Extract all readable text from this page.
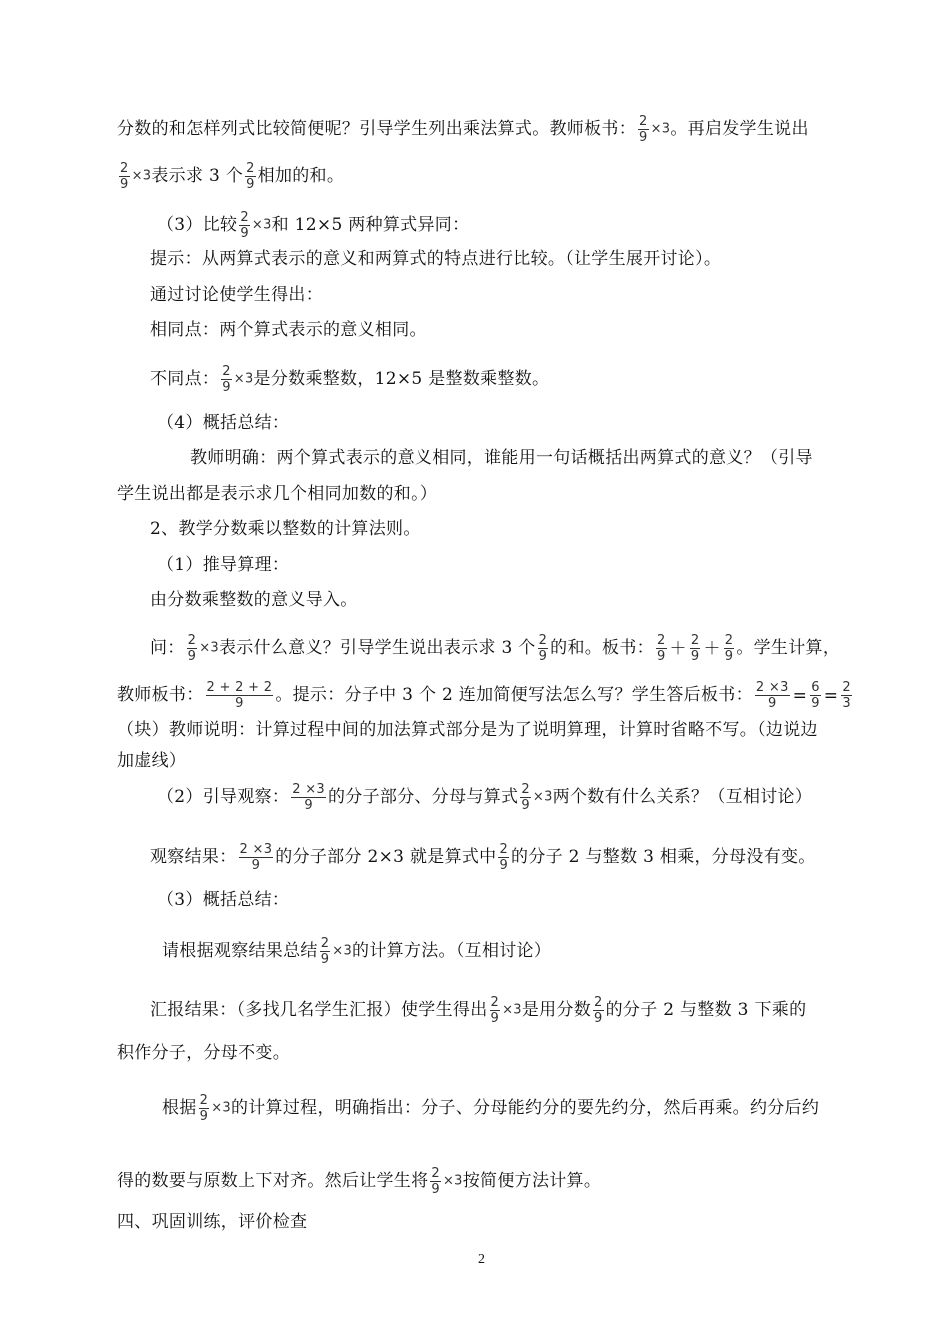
分数的和怎样列式比较简便呢？引导学生列出乘法算式。教师板书： $\frac{2}{9} \times 3$。再启发学生说出
$\frac{2}{9} \times 3$表示求 3 个 $\frac{2}{9}$ 相加的和。
（3）比较 $\frac{2}{9} \times 3$和 12×5 两种算式异同：
提示：从两算式表示的意义和两算式的特点进行比较。（让学生展开讨论）。
通过讨论使学生得出：
相同点：两个算式表示的意义相同。
不同点： $\frac{2}{9} \times 3$是分数乘整数，12×5 是整数乘整数。
（4）概括总结：
教师明确：两个算式表示的意义相同，谁能用一句话概括出两算式的意义？（引导
学生说出都是表示求几个相同加数的和。）
2、教学分数乘以整数的计算法则。
（1）推导算理：
由分数乘整数的意义导入。
问： $\frac{2}{9} \times 3$表示什么意义？引导学生说出表示求 3 个 $\frac{2}{9}$ 的和。板书： $\frac{2}{9} + \frac{2}{9} + \frac{2}{9}$ 。学生计算，
教师板书： $\frac{2 + 2 + 2}{9}$ 。提示：分子中 3 个 2 连加简便写法怎么写？学生答后板书： $\frac{2 \times 3}{9} = \frac{6}{9} = \frac{2}{3}$
（块）教师说明：计算过程中间的加法算式部分是为了说明算理，计算时省略不写。（边说边
加虚线）
（2）引导观察： $\frac{2 \times 3}{9}$ 的分子部分、分母与算式 $\frac{2}{9} \times 3$两个数有什么关系？（互相讨论）
观察结果： $\frac{2 \times 3}{9}$ 的分子部分 2×3 就是算式中 $\frac{2}{9}$ 的分子 2 与整数 3 相乘，分母没有变。
（3）概括总结：
请根据观察结果总结 $\frac{2}{9} \times 3$的计算方法。（互相讨论）
汇报结果：（多找几名学生汇报）使学生得出 $\frac{2}{9} \times 3$是用分数 $\frac{2}{9}$ 的分子 2 与整数 3 下乘的
积作分子，分母不变。
根据 $\frac{2}{9} \times 3$的计算过程，明确指出：分子、分母能约分的要先约分，然后再乘。约分后约
得的数要与原数上下对齐。然后让学生将 $\frac{2}{9} \times 3$按简便方法计算。
四、巩固训练，评价检查
2
